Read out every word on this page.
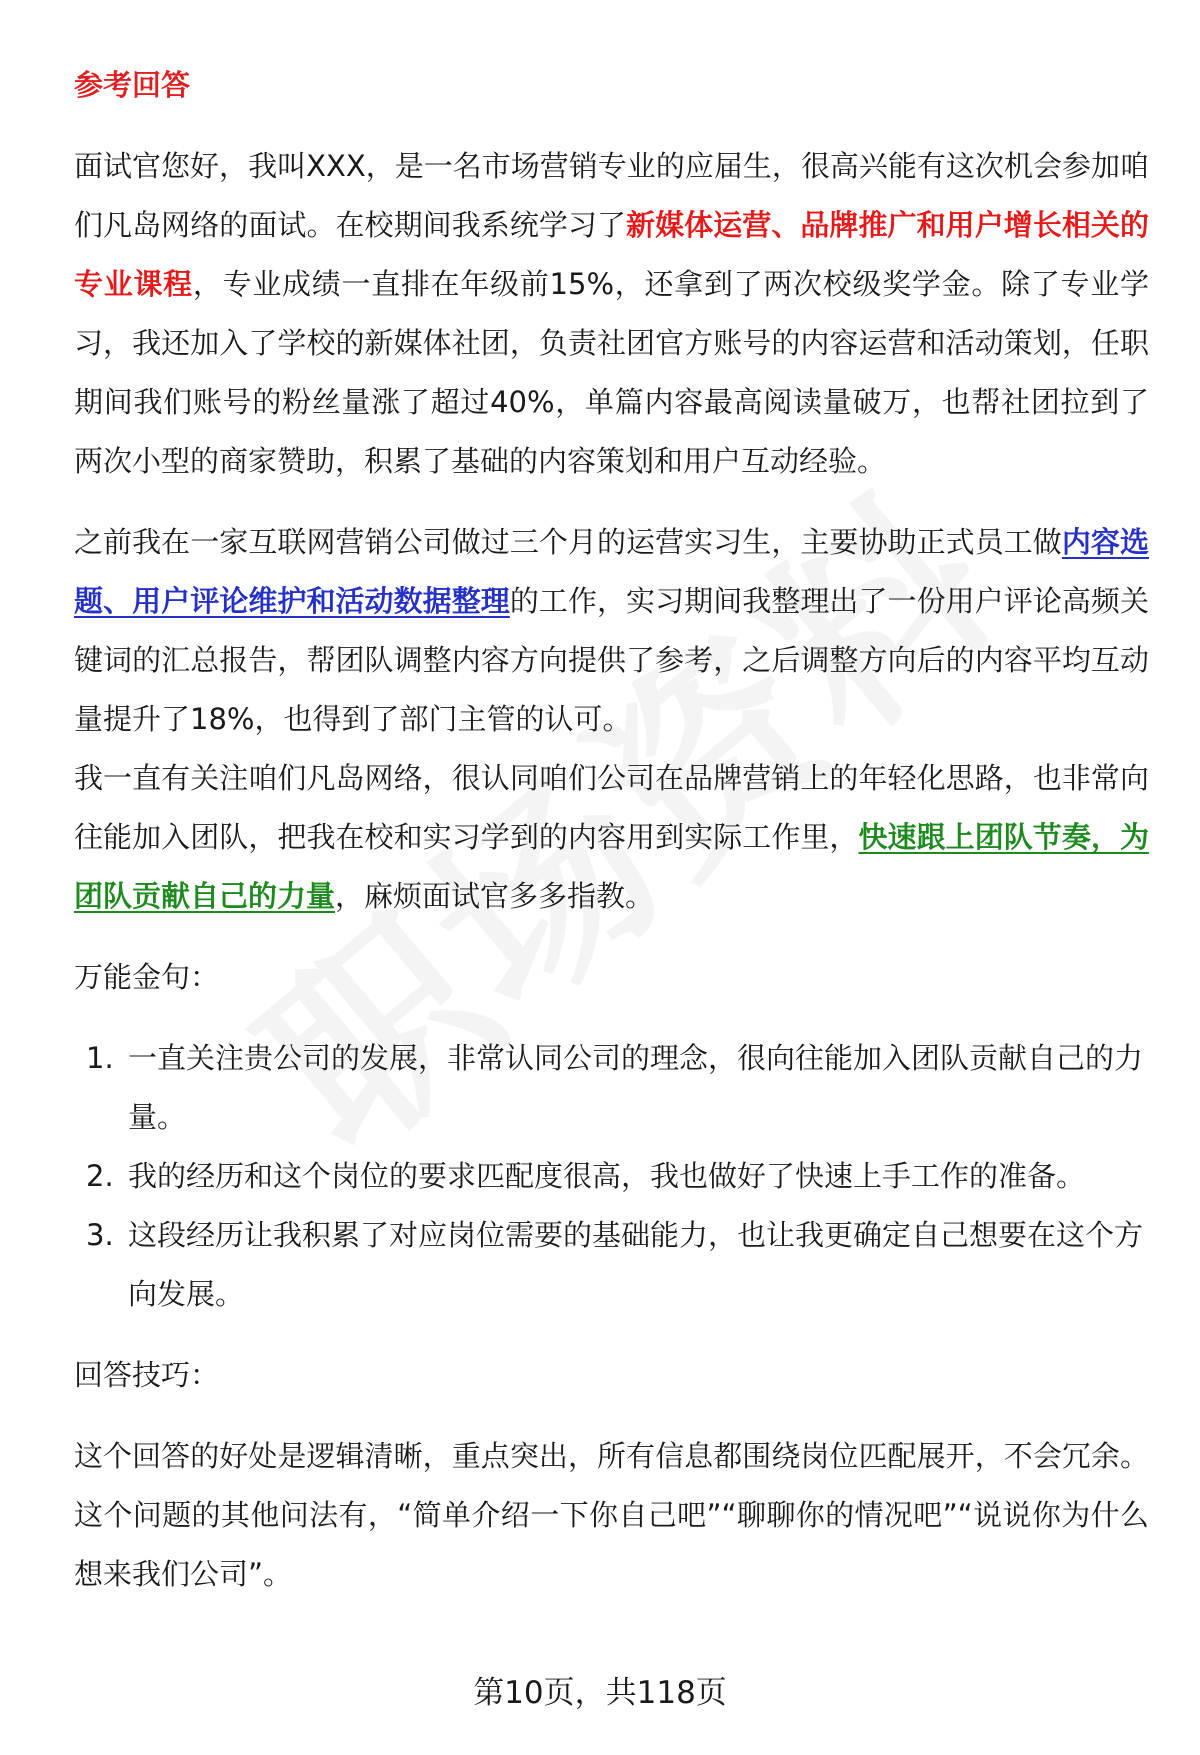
参考回答

面试官您好，我叫XXX，是一名市场营销专业的应届生，很高兴能有这次机会参加咱们凡岛网络的面试。在校期间我系统学习了新媒体运营、品牌推广和用户增长相关的专业课程，专业成绩一直排在年级前15%，还拿到了两次校级奖学金。除了专业学习，我还加入了学校的新媒体社团，负责社团官方账号的内容运营和活动策划，任职期间我们账号的粉丝量涨了超过40%，单篇内容最高阅读量破万，也帮社团拉到了两次小型的商家赞助，积累了基础的内容策划和用户互动经验。

之前我在一家互联网营销公司做过三个月的运营实习生，主要协助正式员工做内容选题、用户评论维护和活动数据整理的工作，实习期间我整理出了一份用户评论高频关键词的汇总报告，帮团队调整内容方向提供了参考，之后调整方向后的内容平均互动量提升了18%，也得到了部门主管的认可。

我一直有关注咱们凡岛网络，很认同咱们公司在品牌营销上的年轻化思路，也非常向往能加入团队，把我在校和实习学到的内容用到实际工作里，快速跟上团队节奏，为团队贡献自己的力量，麻烦面试官多多指教。

万能金句：

1. 一直关注贵公司的发展，非常认同公司的理念，很向往能加入团队贡献自己的力量。
2. 我的经历和这个岗位的要求匹配度很高，我也做好了快速上手工作的准备。
3. 这段经历让我积累了对应岗位需要的基础能力，也让我更确定自己想要在这个方向发展。

回答技巧：

这个回答的好处是逻辑清晰，重点突出，所有信息都围绕岗位匹配展开，不会冗余。这个问题的其他问法有，“简单介绍一下你自己吧”“聊聊你的情况吧”“说说你为什么想来我们公司”。

第10页，共118页
